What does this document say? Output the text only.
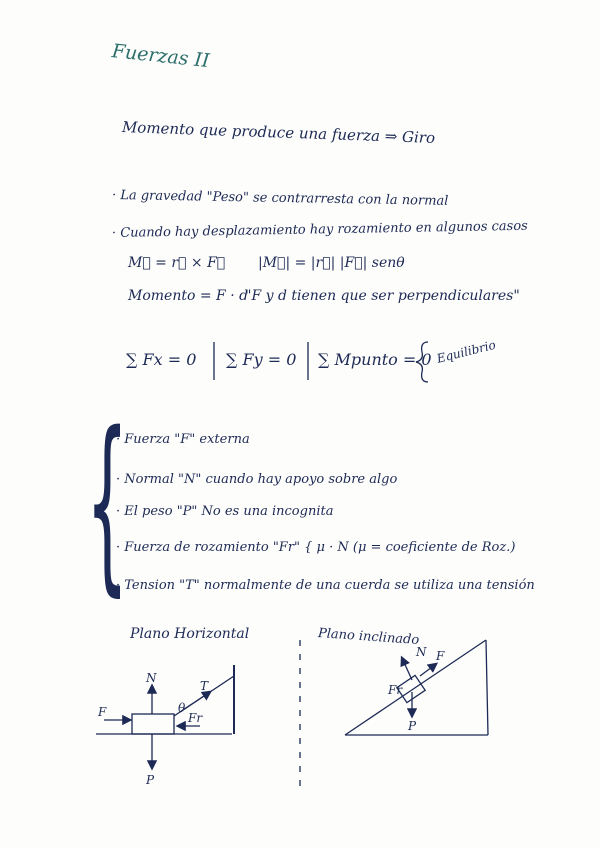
Fuerzas II
Momento que produce una fuerza ⇒ Giro
· La gravedad "Peso" se contrarresta con la normal
· Cuando hay desplazamiento hay rozamiento en algunos casos
M⃗ = r⃗ × F⃗ |M⃗| = |r⃗| |F⃗| senθ
Momento = F · d
"F y d tienen que ser perpendiculares"
∑ Fx = 0 ∑ Fy = 0 ∑ Mpunto = 0 Equilibrio
{
· Fuerza "F" externa
· Normal "N" cuando hay apoyo sobre algo
· El peso "P" No es una incognita
· Fuerza de rozamiento "Fr" { μ · N (μ = coeficiente de Roz.)
· Tension "T" normalmente de una cuerda se utiliza una tensión
Plano Horizontal	Plano inclinado
N
P
F
T
Fr
θ
N
P
Fr
F
